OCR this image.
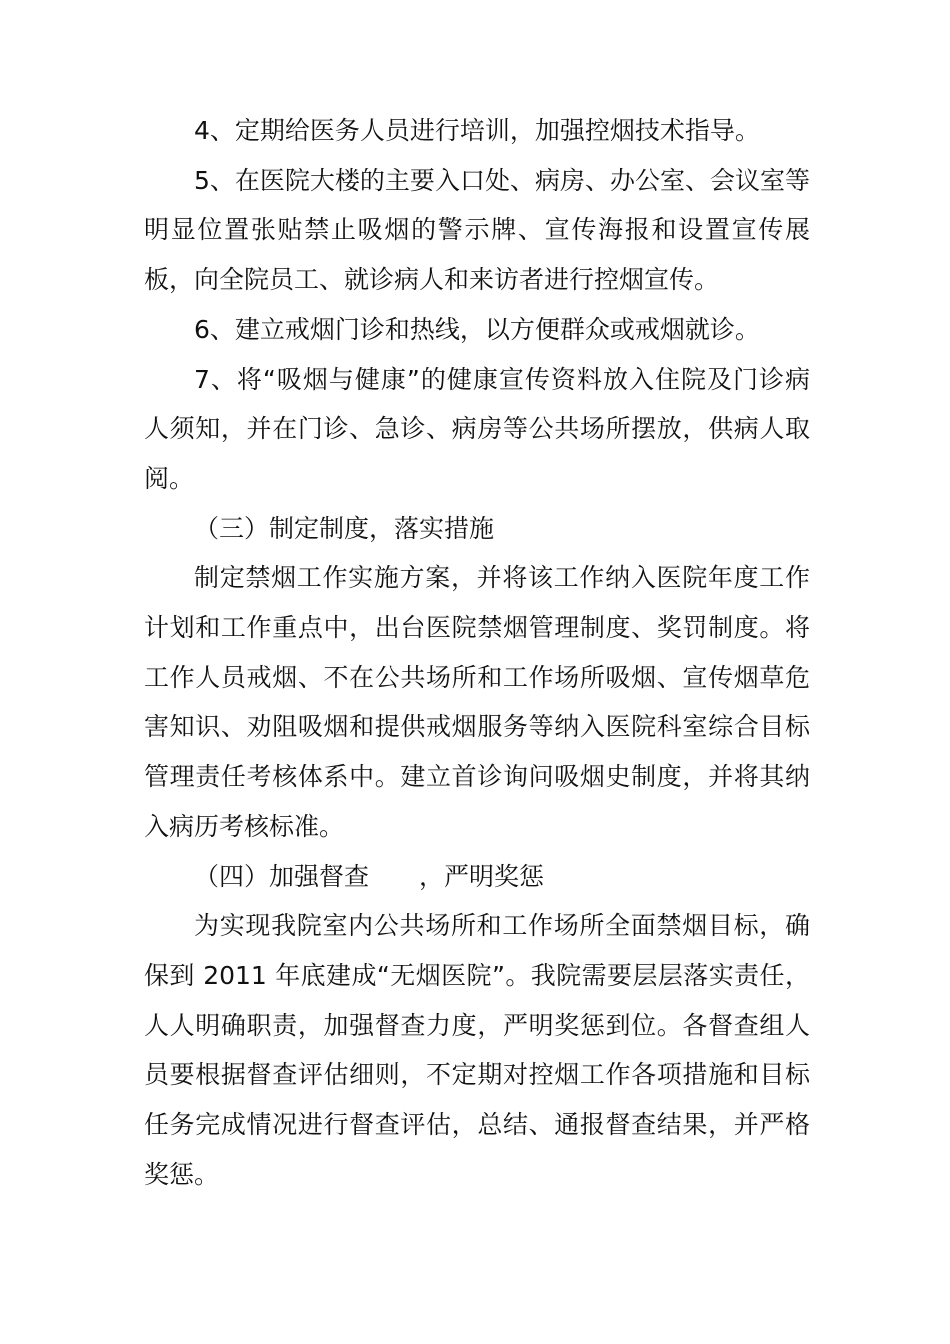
4、定期给医务人员进行培训，加强控烟技术指导。

5、在医院大楼的主要入口处、病房、办公室、会议室等明显位置张贴禁止吸烟的警示牌、宣传海报和设置宣传展板，向全院员工、就诊病人和来访者进行控烟宣传。

6、建立戒烟门诊和热线，以方便群众或戒烟就诊。

7、将“吸烟与健康”的健康宣传资料放入住院及门诊病人须知，并在门诊、急诊、病房等公共场所摆放，供病人取阅。

（三）制定制度，落实措施

制定禁烟工作实施方案，并将该工作纳入医院年度工作计划和工作重点中，出台医院禁烟管理制度、奖罚制度。将工作人员戒烟、不在公共场所和工作场所吸烟、宣传烟草危害知识、劝阻吸烟和提供戒烟服务等纳入医院科室综合目标管理责任考核体系中。建立首诊询问吸烟史制度，并将其纳入病历考核标准。

（四）加强督查　　，严明奖惩

为实现我院室内公共场所和工作场所全面禁烟目标，确保到 2011 年底建成“无烟医院”。我院需要层层落实责任，人人明确职责，加强督查力度，严明奖惩到位。各督查组人员要根据督查评估细则，不定期对控烟工作各项措施和目标任务完成情况进行督查评估，总结、通报督查结果，并严格奖惩。
